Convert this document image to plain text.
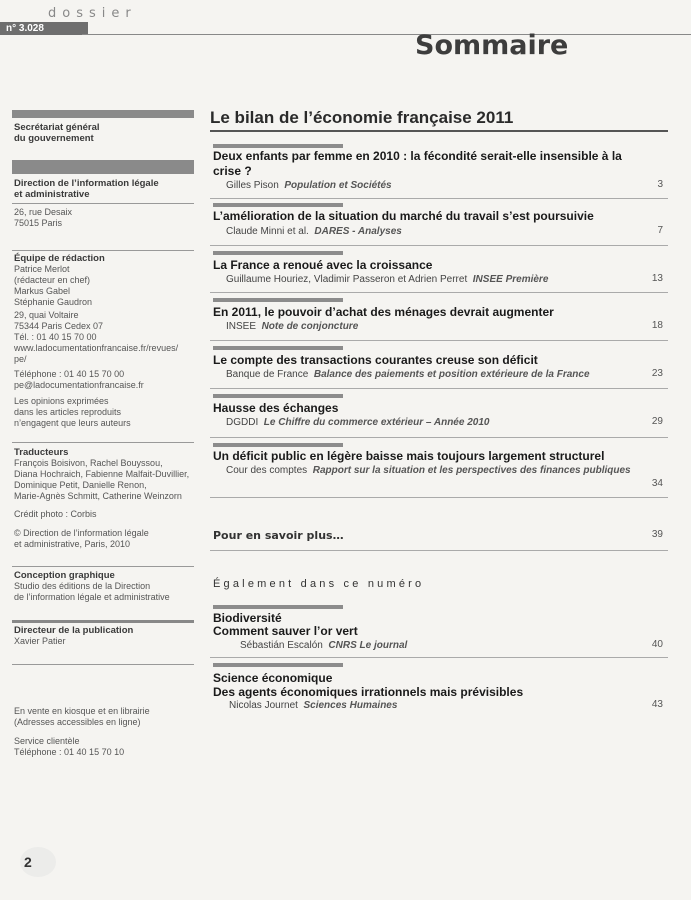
dossier
n° 3.028
Sommaire
Secrétariat général
du gouvernement
Direction de l’information légale
et administrative
26, rue Desaix
75015 Paris
Équipe de rédaction
Patrice Merlot
(rédacteur en chef)
Markus Gabel
Stéphanie Gaudron
29, quai Voltaire
75344 Paris Cedex 07
Tél. : 01 40 15 70 00
www.ladocumentationfrancaise.fr/revues/
pe/
Téléphone : 01 40 15 70 00
pe@ladocumentationfrancaise.fr
Les opinions exprimées
dans les articles reproduits
n’engagent que leurs auteurs
Traducteurs
François Boisivon, Rachel Bouyssou,
Diana Hochraich, Fabienne Malfait-Duvillier,
Dominique Petit, Danielle Renon,
Marie-Agnès Schmitt, Catherine Weinzorn
Crédit photo : Corbis
© Direction de l’information légale
et administrative, Paris, 2010
Conception graphique
Studio des éditions de la Direction
de l’information légale et administrative
Directeur de la publication
Xavier Patier
En vente en kiosque et en librairie
(Adresses accessibles en ligne)
Service clientèle
Téléphone : 01 40 15 70 10
Le bilan de l’économie française 2011
Deux enfants par femme en 2010 : la fécondité serait-elle insensible à la crise ?
Gilles Pison Population et Sociétés	3
L’amélioration de la situation du marché du travail s’est poursuivie
Claude Minni et al. DARES - Analyses	7
La France a renoué avec la croissance
Guillaume Houriez, Vladimir Passeron et Adrien Perret INSEE Première	13
En 2011, le pouvoir d’achat des ménages devrait augmenter
INSEE Note de conjoncture	18
Le compte des transactions courantes creuse son déficit
Banque de France Balance des paiements et position extérieure de la France	23
Hausse des échanges
DGDDI Le Chiffre du commerce extérieur – Année 2010	29
Un déficit public en légère baisse mais toujours largement structurel
Cour des comptes Rapport sur la situation et les perspectives des finances publiques
34
Pour en savoir plus…	39
Également dans ce numéro
Biodiversité
Comment sauver l’or vert
Sébastián Escalón CNRS Le journal	40
Science économique
Des agents économiques irrationnels mais prévisibles
Nicolas Journet Sciences Humaines	43
2
